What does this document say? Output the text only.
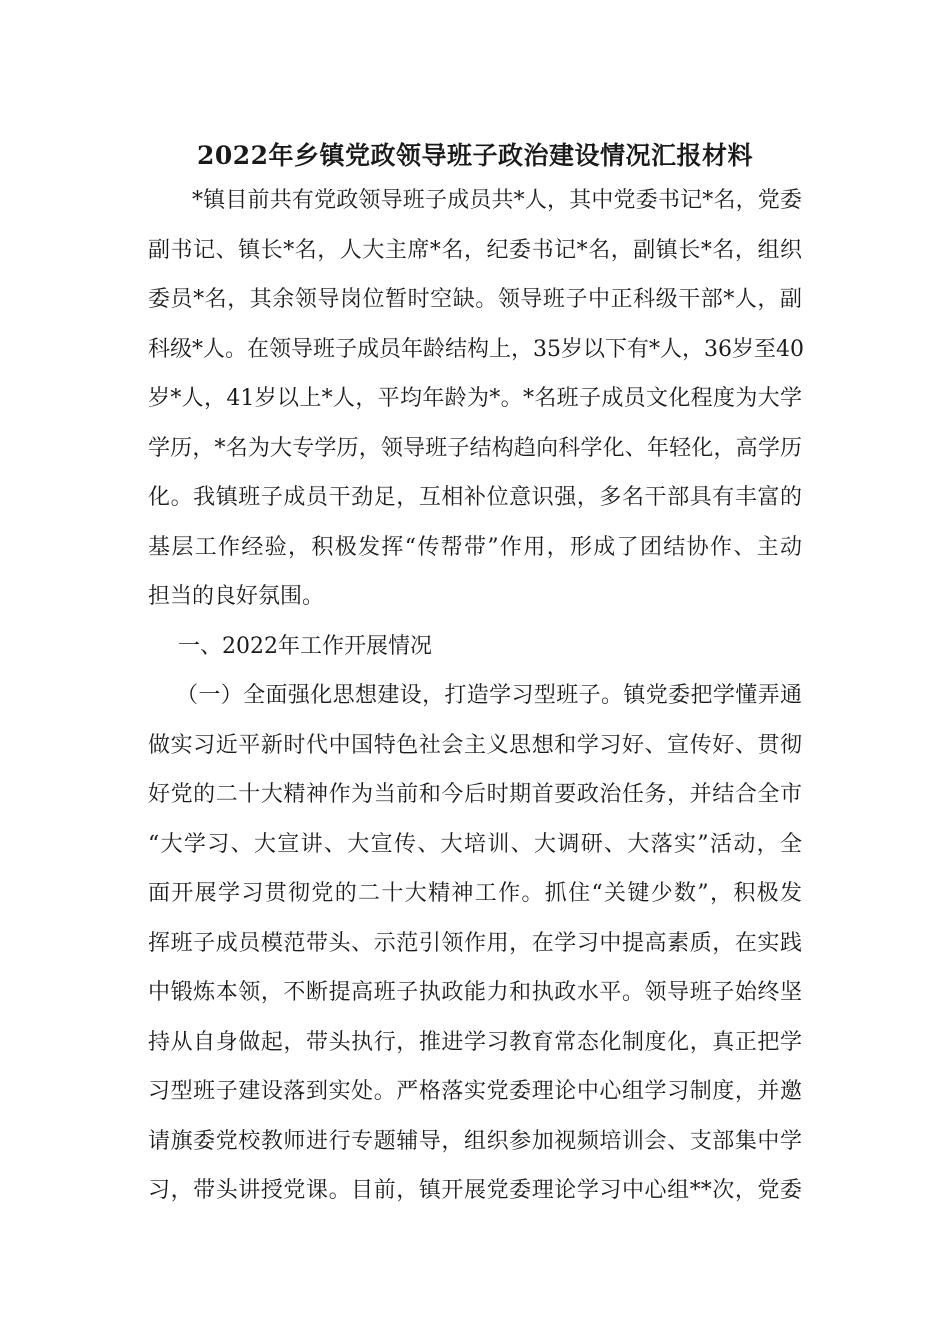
2022年乡镇党政领导班子政治建设情况汇报材料
*镇目前共有党政领导班子成员共*人，其中党委书记*名，党委
副书记、镇长*名，人大主席*名，纪委书记*名，副镇长*名，组织
委员*名，其余领导岗位暂时空缺。领导班子中正科级干部*人，副
科级*人。在领导班子成员年龄结构上，35岁以下有*人，36岁至40
岁*人，41岁以上*人，平均年龄为*。*名班子成员文化程度为大学
学历，*名为大专学历，领导班子结构趋向科学化、年轻化，高学历
化。我镇班子成员干劲足，互相补位意识强，多名干部具有丰富的
基层工作经验，积极发挥“传帮带”作用，形成了团结协作、主动
担当的良好氛围。
一、2022年工作开展情况
（一）全面强化思想建设，打造学习型班子。镇党委把学懂弄通
做实习近平新时代中国特色社会主义思想和学习好、宣传好、贯彻
好党的二十大精神作为当前和今后时期首要政治任务，并结合全市
“大学习、大宣讲、大宣传、大培训、大调研、大落实”活动，全
面开展学习贯彻党的二十大精神工作。抓住“关键少数”，积极发
挥班子成员模范带头、示范引领作用，在学习中提高素质，在实践
中锻炼本领，不断提高班子执政能力和执政水平。领导班子始终坚
持从自身做起，带头执行，推进学习教育常态化制度化，真正把学
习型班子建设落到实处。严格落实党委理论中心组学习制度，并邀
请旗委党校教师进行专题辅导，组织参加视频培训会、支部集中学
习，带头讲授党课。目前，镇开展党委理论学习中心组**次，党委
